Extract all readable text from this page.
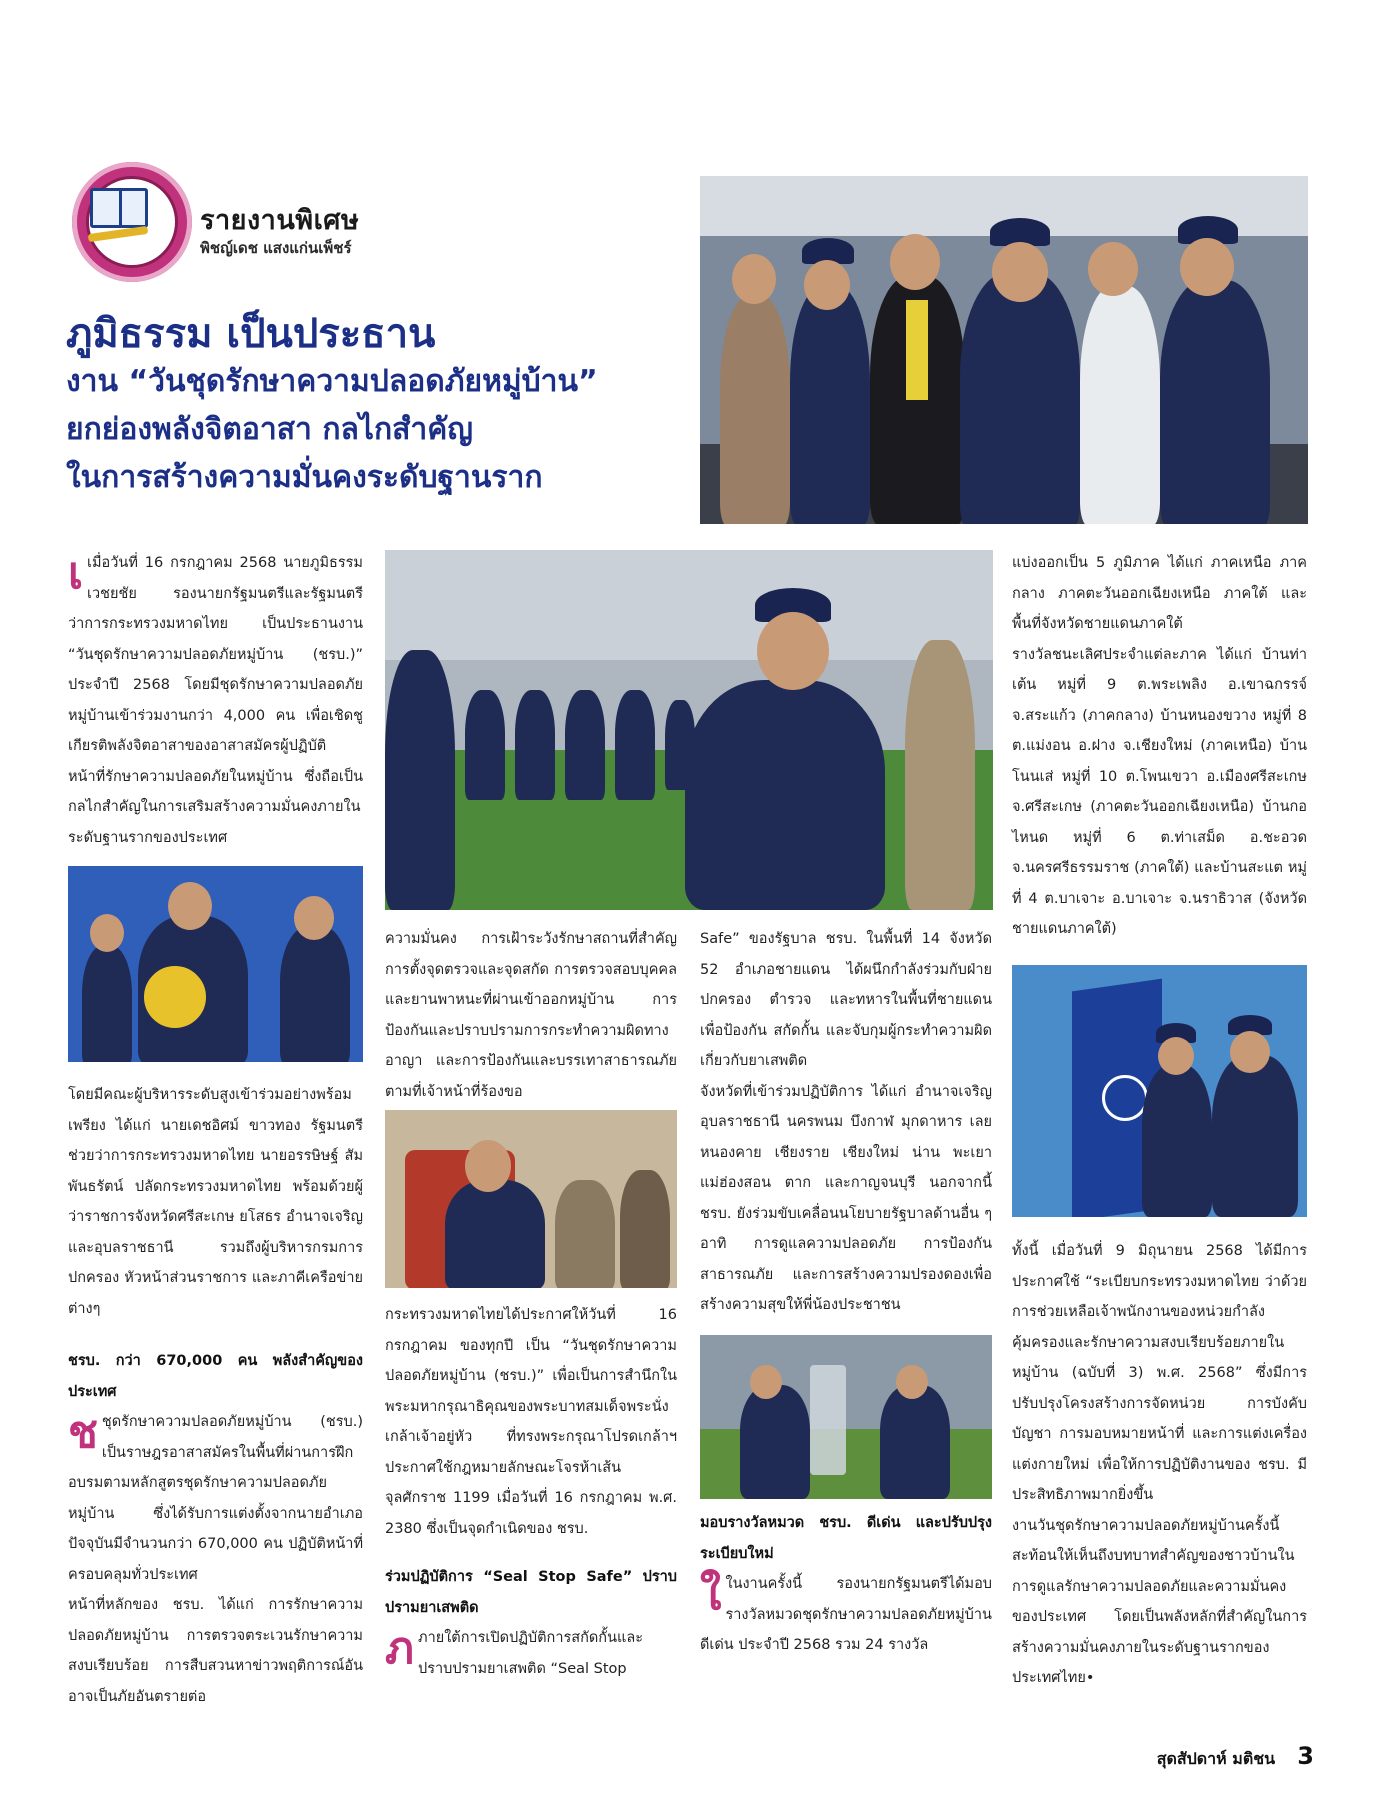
รายงานพิเศษ
พิชญ์เดช แสงแก่นเพ็ชร์
ภูมิธรรม เป็นประธาน
งาน “วันชุดรักษาความปลอดภัยหมู่บ้าน”
ยกย่องพลังจิตอาสา กลไกสำคัญ
ในการสร้างความมั่นคงระดับฐานราก

เเมื่อวันที่ 16 กรกฎาคม 2568 นายภูมิธรรม เวชยชัย รองนายกรัฐมนตรีและรัฐมนตรีว่าการกระทรวงมหาดไทย เป็นประธานงาน “วันชุดรักษาความปลอดภัยหมู่บ้าน (ชรบ.)” ประจำปี 2568 โดยมีชุดรักษาความปลอดภัยหมู่บ้านเข้าร่วมงานกว่า 4,000 คน เพื่อเชิดชูเกียรติพลังจิตอาสาของอาสาสมัครผู้ปฏิบัติหน้าที่รักษาความปลอดภัยในหมู่บ้าน ซึ่งถือเป็นกลไกสำคัญในการเสริมสร้างความมั่นคงภายในระดับฐานรากของประเทศ

โดยมีคณะผู้บริหารระดับสูงเข้าร่วมอย่างพร้อมเพรียง ได้แก่ นายเดชอิศม์ ขาวทอง รัฐมนตรีช่วยว่าการกระทรวงมหาดไทย นายอรรษิษฐ์ สัมพันธรัตน์ ปลัดกระทรวงมหาดไทย พร้อมด้วยผู้ว่าราชการจังหวัดศรีสะเกษ ยโสธร อำนาจเจริญ และอุบลราชธานี รวมถึงผู้บริหารกรมการปกครอง หัวหน้าส่วนราชการ และภาคีเครือข่ายต่างๆ

ชรบ. กว่า 670,000 คน พลังสำคัญของประเทศ

ชชุดรักษาความปลอดภัยหมู่บ้าน (ชรบ.) เป็นราษฎรอาสาสมัครในพื้นที่ผ่านการฝึกอบรมตามหลักสูตรชุดรักษาความปลอดภัยหมู่บ้าน ซึ่งได้รับการแต่งตั้งจากนายอำเภอ ปัจจุบันมีจำนวนกว่า 670,000 คน ปฏิบัติหน้าที่ครอบคลุมทั่วประเทศ

หน้าที่หลักของ ชรบ. ได้แก่ การรักษาความปลอดภัยหมู่บ้าน การตรวจตระเวนรักษาความสงบเรียบร้อย การสืบสวนหาข่าวพฤติการณ์อันอาจเป็นภัยอันตรายต่อ

ความมั่นคง การเฝ้าระวังรักษาสถานที่สำคัญ การตั้งจุดตรวจและจุดสกัด การตรวจสอบบุคคลและยานพาหนะที่ผ่านเข้าออกหมู่บ้าน การป้องกันและปราบปรามการกระทำความผิดทางอาญา และการป้องกันและบรรเทาสาธารณภัยตามที่เจ้าหน้าที่ร้องขอ

กระทรวงมหาดไทยได้ประกาศให้วันที่ 16 กรกฎาคม ของทุกปี เป็น “วันชุดรักษาความปลอดภัยหมู่บ้าน (ชรบ.)” เพื่อเป็นการสำนึกในพระมหากรุณาธิคุณของพระบาทสมเด็จพระนั่งเกล้าเจ้าอยู่หัว ที่ทรงพระกรุณาโปรดเกล้าฯ ประกาศใช้กฎหมายลักษณะโจรห้าเส้น จุลศักราช 1199 เมื่อวันที่ 16 กรกฎาคม พ.ศ. 2380 ซึ่งเป็นจุดกำเนิดของ ชรบ.

ร่วมปฏิบัติการ “Seal Stop Safe” ปราบปรามยาเสพติด

ภภายใต้การเปิดปฏิบัติการสกัดกั้นและปราบปรามยาเสพติด “Seal Stop

Safe” ของรัฐบาล ชรบ. ในพื้นที่ 14 จังหวัด 52 อำเภอชายแดน ได้ผนึกกำลังร่วมกับฝ่ายปกครอง ตำรวจ และทหารในพื้นที่ชายแดน เพื่อป้องกัน สกัดกั้น และจับกุมผู้กระทำความผิดเกี่ยวกับยาเสพติด

จังหวัดที่เข้าร่วมปฏิบัติการ ได้แก่ อำนาจเจริญ อุบลราชธานี นครพนม บึงกาฬ มุกดาหาร เลย หนองคาย เชียงราย เชียงใหม่ น่าน พะเยา แม่ฮ่องสอน ตาก และกาญจนบุรี นอกจากนี้ ชรบ. ยังร่วมขับเคลื่อนนโยบายรัฐบาลด้านอื่น ๆ อาทิ การดูแลความปลอดภัย การป้องกันสาธารณภัย และการสร้างความปรองดองเพื่อสร้างความสุขให้พี่น้องประชาชน

มอบรางวัลหมวด ชรบ. ดีเด่น และปรับปรุงระเบียบใหม่

ใในงานครั้งนี้ รองนายกรัฐมนตรีได้มอบรางวัลหมวดชุดรักษาความปลอดภัยหมู่บ้านดีเด่น ประจำปี 2568 รวม 24 รางวัล

แบ่งออกเป็น 5 ภูมิภาค ได้แก่ ภาคเหนือ ภาคกลาง ภาคตะวันออกเฉียงเหนือ ภาคใต้ และพื้นที่จังหวัดชายแดนภาคใต้

รางวัลชนะเลิศประจำแต่ละภาค ได้แก่ บ้านท่าเต้น หมู่ที่ 9 ต.พระเพลิง อ.เขาฉกรรจ์ จ.สระแก้ว (ภาคกลาง) บ้านหนองขวาง หมู่ที่ 8 ต.แม่งอน อ.ฝาง จ.เชียงใหม่ (ภาคเหนือ) บ้านโนนเส่ หมู่ที่ 10 ต.โพนเขวา อ.เมืองศรีสะเกษ จ.ศรีสะเกษ (ภาคตะวันออกเฉียงเหนือ) บ้านกอไหนด หมู่ที่ 6 ต.ท่าเสม็ด อ.ชะอวด จ.นครศรีธรรมราช (ภาคใต้) และบ้านสะแต หมู่ที่ 4 ต.บาเจาะ อ.บาเจาะ จ.นราธิวาส (จังหวัดชายแดนภาคใต้)

ทั้งนี้ เมื่อวันที่ 9 มิถุนายน 2568 ได้มีการประกาศใช้ “ระเบียบกระทรวงมหาดไทย ว่าด้วยการช่วยเหลือเจ้าพนักงานของหน่วยกำลังคุ้มครองและรักษาความสงบเรียบร้อยภายในหมู่บ้าน (ฉบับที่ 3) พ.ศ. 2568” ซึ่งมีการปรับปรุงโครงสร้างการจัดหน่วย การบังคับบัญชา การมอบหมายหน้าที่ และการแต่งเครื่องแต่งกายใหม่ เพื่อให้การปฏิบัติงานของ ชรบ. มีประสิทธิภาพมากยิ่งขึ้น

งานวันชุดรักษาความปลอดภัยหมู่บ้านครั้งนี้สะท้อนให้เห็นถึงบทบาทสำคัญของชาวบ้านในการดูแลรักษาความปลอดภัยและความมั่นคงของประเทศ โดยเป็นพลังหลักที่สำคัญในการสร้างความมั่นคงภายในระดับฐานรากของประเทศไทย•

สุดสัปดาห์ มติชน 3
